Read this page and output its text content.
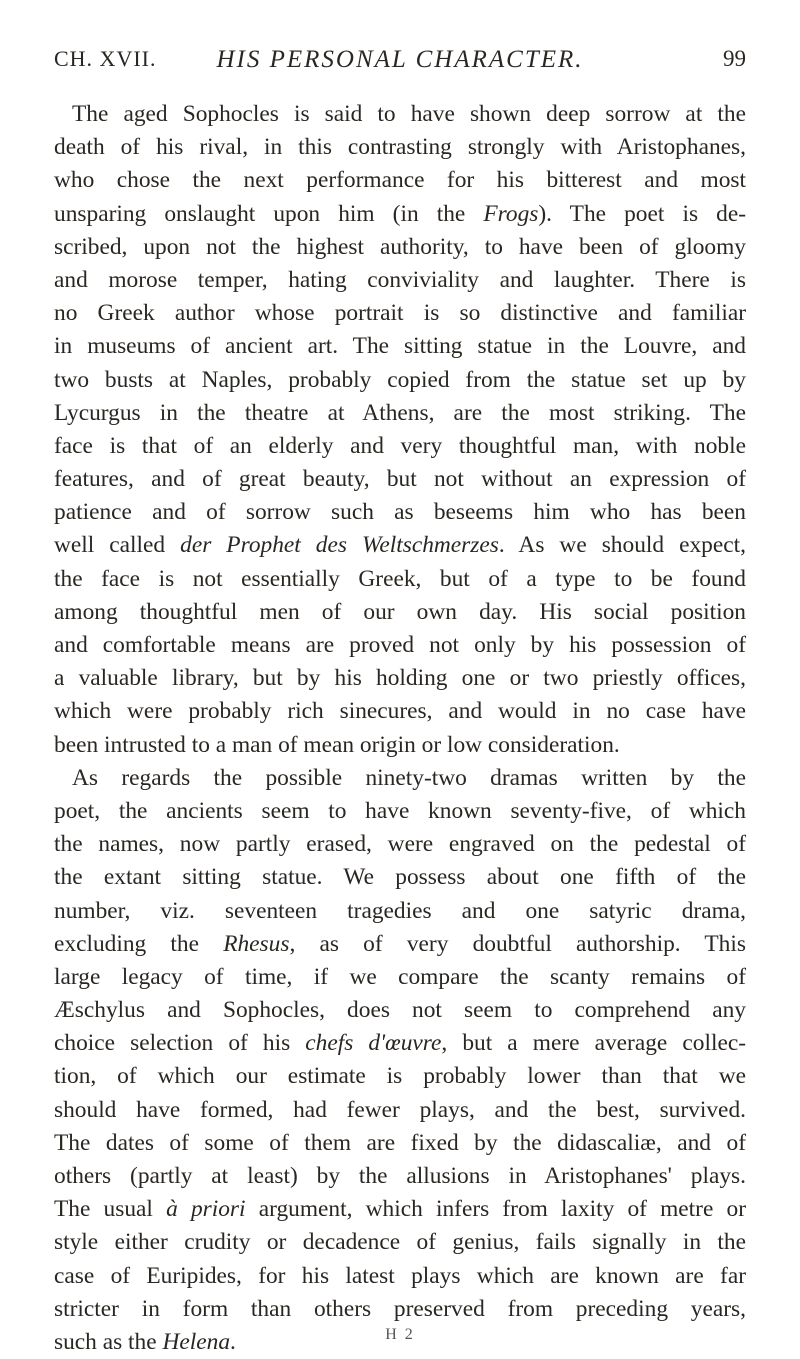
CH. XVII.	HIS PERSONAL CHARACTER.	99
The aged Sophocles is said to have shown deep sorrow at the
death of his rival, in this contrasting strongly with Aristophanes,
who chose the next performance for his bitterest and most
unsparing onslaught upon him (in the Frogs). The poet is de-
scribed, upon not the highest authority, to have been of gloomy
and morose temper, hating conviviality and laughter. There is
no Greek author whose portrait is so distinctive and familiar
in museums of ancient art. The sitting statue in the Louvre, and
two busts at Naples, probably copied from the statue set up by
Lycurgus in the theatre at Athens, are the most striking. The
face is that of an elderly and very thoughtful man, with noble
features, and of great beauty, but not without an expression of
patience and of sorrow such as beseems him who has been
well called der Prophet des Weltschmerzes. As we should expect,
the face is not essentially Greek, but of a type to be found
among thoughtful men of our own day. His social position
and comfortable means are proved not only by his possession of
a valuable library, but by his holding one or two priestly offices,
which were probably rich sinecures, and would in no case have
been intrusted to a man of mean origin or low consideration.
As regards the possible ninety-two dramas written by the
poet, the ancients seem to have known seventy-five, of which
the names, now partly erased, were engraved on the pedestal of
the extant sitting statue. We possess about one fifth of the
number, viz. seventeen tragedies and one satyric drama,
excluding the Rhesus, as of very doubtful authorship. This
large legacy of time, if we compare the scanty remains of
Æschylus and Sophocles, does not seem to comprehend any
choice selection of his chefs d'œuvre, but a mere average collec-
tion, of which our estimate is probably lower than that we
should have formed, had fewer plays, and the best, survived.
The dates of some of them are fixed by the didascaliæ, and of
others (partly at least) by the allusions in Aristophanes' plays.
The usual à priori argument, which infers from laxity of metre or
style either crudity or decadence of genius, fails signally in the
case of Euripides, for his latest plays which are known are far
stricter in form than others preserved from preceding years,
such as the Helena.	H 2
